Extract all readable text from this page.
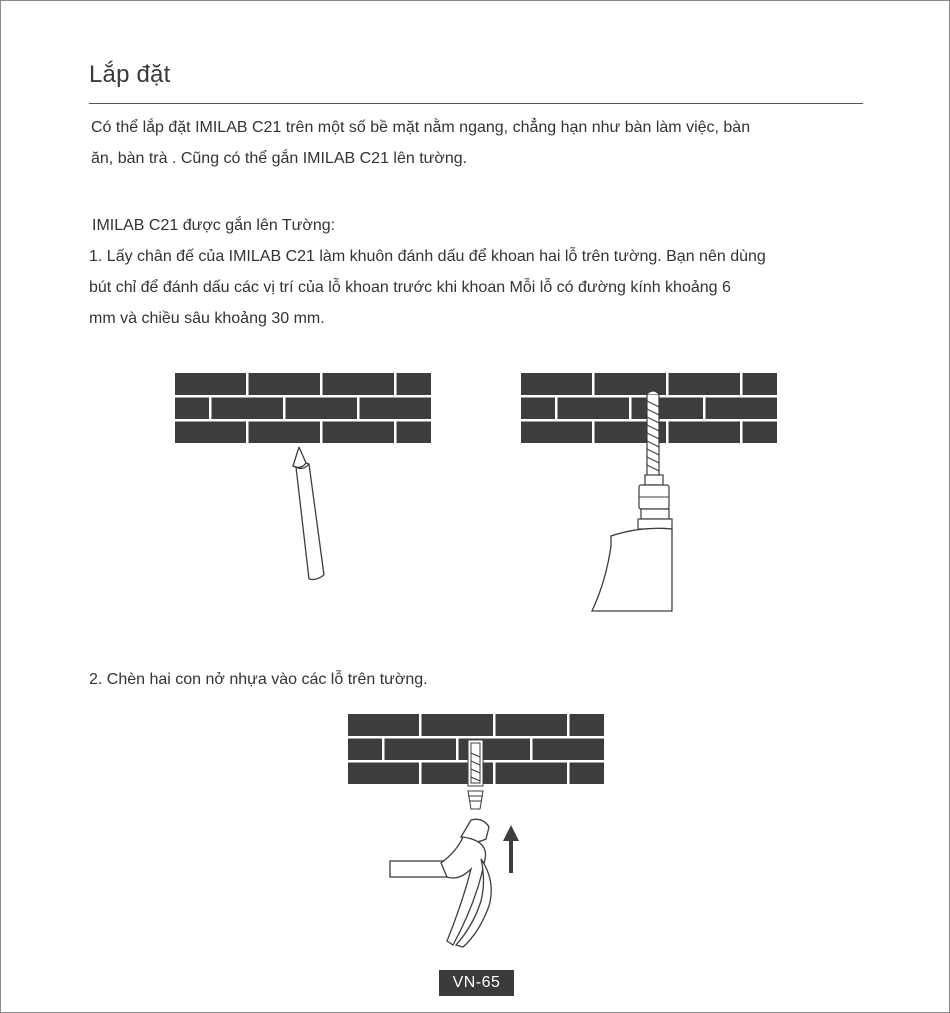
Lắp đặt
Có thể lắp đặt IMILAB C21 trên một số bề mặt nằm ngang, chẳng hạn như bàn làm việc, bàn
ăn, bàn trà . Cũng có thể gắn IMILAB C21 lên tường.
IMILAB C21 được gắn lên Tường:
1. Lấy chân đế của IMILAB C21 làm khuôn đánh dấu để khoan hai lỗ trên tường. Bạn nên dùng
bút chỉ để đánh dấu các vị trí của lỗ khoan trước khi khoan Mỗi lỗ có đường kính khoảng 6
mm và chiều sâu khoảng 30 mm.
2. Chèn hai con nở nhựa vào các lỗ trên tường.
VN-65
